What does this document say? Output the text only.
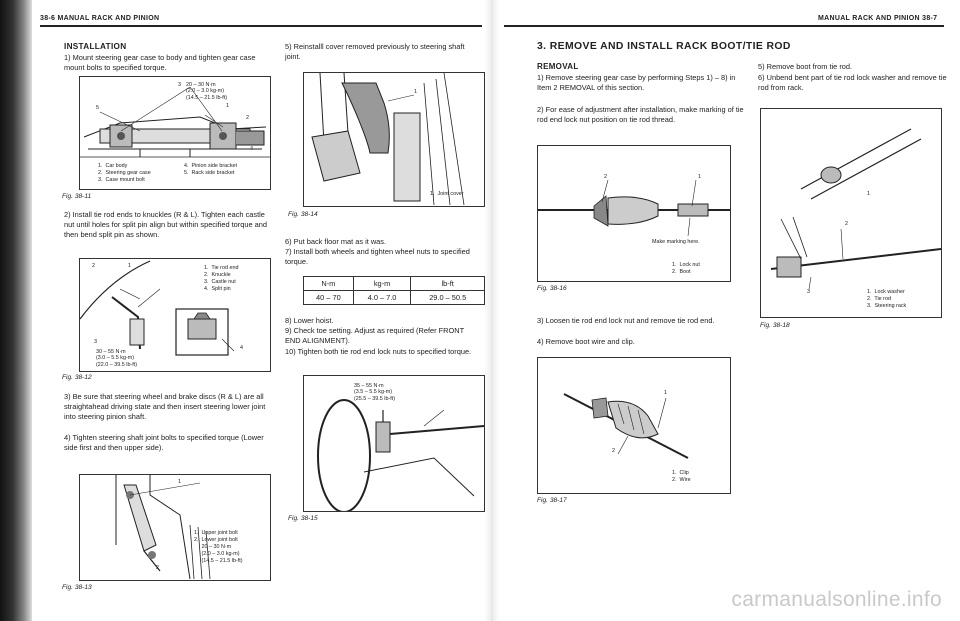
38-6 MANUAL RACK AND PINION
INSTALLATION
1) Mount steering gear case to body and tighten gear case mount bolts to specified torque.
20 – 30 N·m
(2.0 – 3.0 kg-m)
(14.5 – 21.5 lb-ft)
3
1
2
5
4
1.  Car body
2.  Steering gear case
3.  Case mount bolt
4.  Pinion side bracket
5.  Rack side bracket
Fig. 38-11
2) Install tie rod ends to knuckles (R & L). Tighten each castle nut until holes for split pin align but within specified torque and then bend split pin as shown.
2	1
3
4
1.  Tie rod end
2.  Knuckle
3.  Castle nut
4.  Split pin
30 – 55 N·m
(3.0 – 5.5 kg-m)
(22.0 – 39.5 lb-ft)
Fig. 38-12
3) Be sure that steering wheel and brake discs (R & L) are all straightahead driving state and then insert steering lower joint into steering pinion shaft.
4) Tighten steering shaft joint bolts to specified torque (Lower side first and then upper side).
1
2
1.  Upper joint bolt
2.  Lower joint bolt
20 – 30 N·m
(2.0 – 3.0 kg-m)
(14.5 – 21.5 lb-ft)
Fig. 38-13
5) Reinstalll cover removed previously to steering shaft joint.
1
1.  Joint cover
Fig. 38-14
6) Put back floor mat as it was.
7) Install both wheels and tighten wheel nuts to specified torque.
N-m	kg-m	lb-ft
40 – 70	4.0 – 7.0	29.0 – 50.5
8) Lower hoist.
9) Check toe setting. Adjust as required (Refer FRONT END ALIGNMENT).
10) Tighten both tie rod end lock nuts to specified torque.
35 – 55 N·m
(3.5 – 5.5 kg-m)
(25.5 – 39.5 lb-ft)
Fig. 38-15
MANUAL RACK AND PINION 38-7
3. REMOVE AND INSTALL RACK BOOT/TIE ROD
REMOVAL
1) Remove steering gear case by performing Steps 1) – 8) in Item 2 REMOVAL of this section.
2) For ease of adjustment after installation, make marking of tie rod end lock nut position on tie rod thread.
2	1
Make marking here.
1.  Lock nut
2.  Boot
Fig. 38-16
3) Loosen tie rod end lock nut and remove tie rod end.
4) Remove boot wire and clip.
1
2
1.  Clip
2.  Wire
Fig. 38-17
5) Remove boot from tie rod.
6) Unbend bent part of tie rod lock washer and remove tie rod from rack.
1
2
3	1.  Lock washer
2.  Tie rod
3.  Steering rack
Fig. 38-18
carmanualsonline.info
